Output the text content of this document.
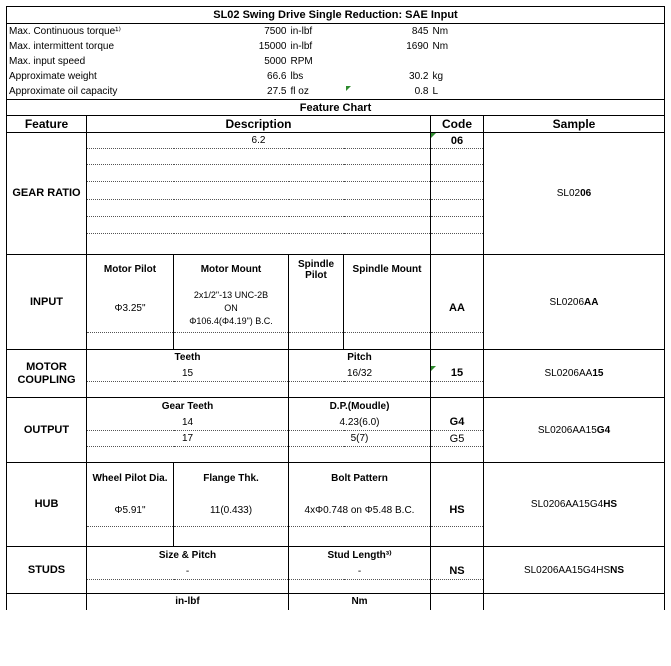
SL02 Swing Drive Single Reduction: SAE Input						
Max. Continuous torque¹⁾		7500	in-lbf	845	Nm	
Max. intermittent torque		15000	in-lbf	1690	Nm	
Max. input speed		5000	RPM			
Approximate weight		66.6	lbs	30.2	kg	
Approximate oil capacity		27.5	fl oz	0.8	L	
Feature Chart						
Feature	Description				Code	Sample
GEAR RATIO	6.2				06	SL0206

INPUT	Motor Pilot	Motor Mount	Spindle Pilot	Spindle Mount		SL0206AA
	Φ3.25"	2x1/2"-13 UNC-2B
ON
Φ106.4(Φ4.19") B.C.			AA	

MOTOR COUPLING	Teeth		Pitch			SL0206AA15
	15		16/32		15	

OUTPUT	Gear Teeth		D.P.(Moudle)			SL0206AA15G4
	14		4.23(6.0)		G4	
	17		5(7)		G5	

HUB	Wheel Pilot Dia.	Flange Thk.	Bolt Pattern			SL0206AA15G4HS
	Φ5.91"	11(0.433)	4xΦ0.748 on Φ5.48 B.C.		HS	

STUDS	Size & Pitch		Stud Length³⁾			SL0206AA15G4HSNS
	-		-		NS	

	in-lbf		Nm			
